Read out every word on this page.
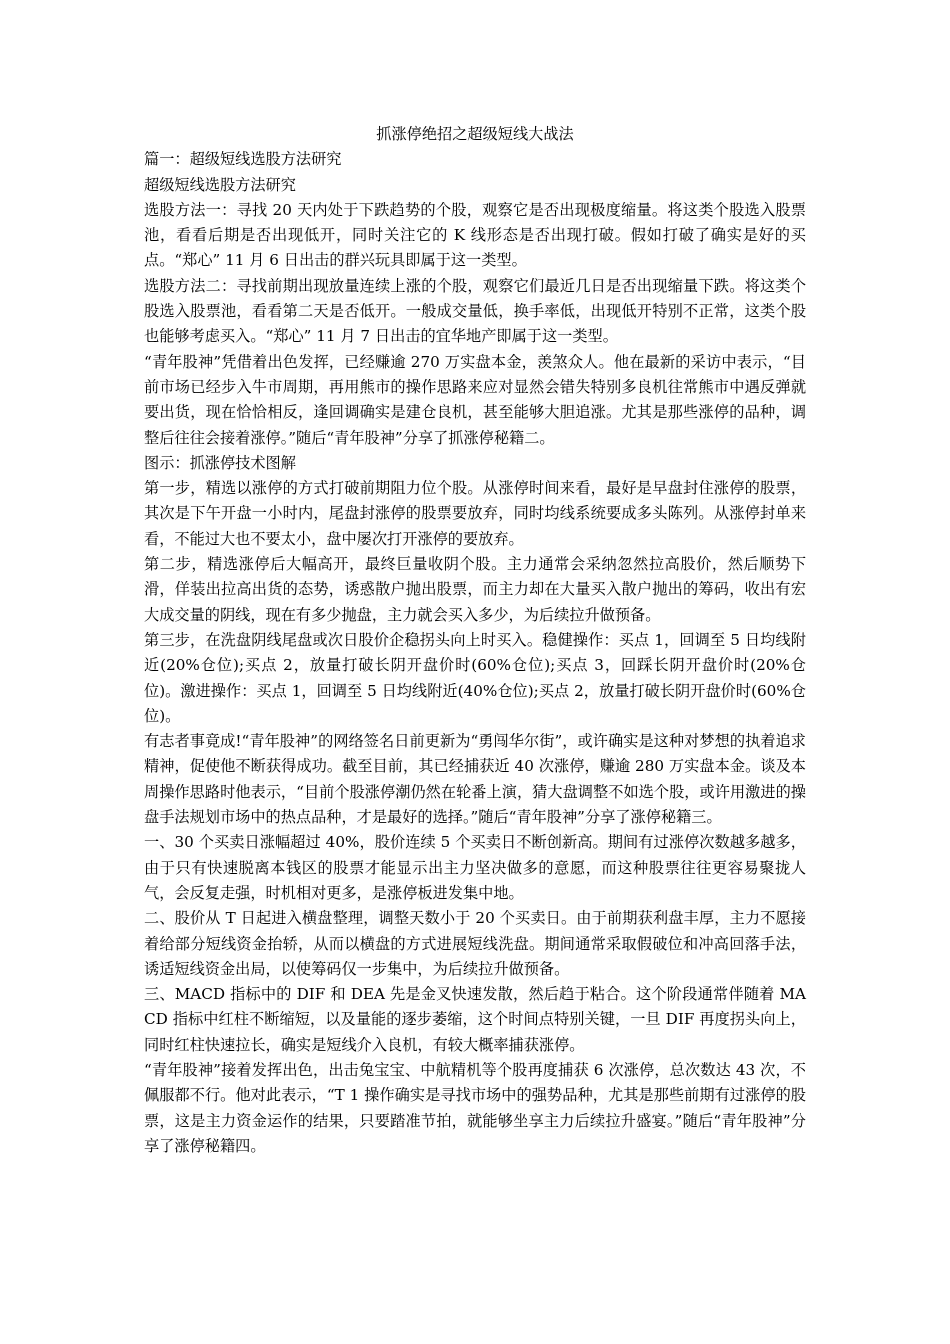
抓涨停绝招之超级短线大战法

篇一：超级短线选股方法研究

超级短线选股方法研究

选股方法一：寻找 20 天内处于下跌趋势的个股，观察它是否出现极度缩量。将这类个股选入股票池，看看后期是否出现低开，同时关注它的 K 线形态是否出现打破。假如打破了确实是好的买点。“郑心” 11 月 6 日出击的群兴玩具即属于这一类型。

选股方法二：寻找前期出现放量连续上涨的个股，观察它们最近几日是否出现缩量下跌。将这类个股选入股票池，看看第二天是否低开。一般成交量低，换手率低，出现低开特别不正常，这类个股也能够考虑买入。“郑心” 11 月 7 日出击的宜华地产即属于这一类型。

“青年股神”凭借着出色发挥，已经赚逾 270 万实盘本金，羡煞众人。他在最新的采访中表示，“目前市场已经步入牛市周期，再用熊市的操作思路来应对显然会错失特别多良机往常熊市中遇反弹就要出货，现在恰恰相反，逢回调确实是建仓良机，甚至能够大胆追涨。尤其是那些涨停的品种，调整后往往会接着涨停。”随后“青年股神”分享了抓涨停秘籍二。

图示：抓涨停技术图解

第一步，精选以涨停的方式打破前期阻力位个股。从涨停时间来看，最好是早盘封住涨停的股票，其次是下午开盘一小时内，尾盘封涨停的股票要放弃，同时均线系统要成多头陈列。从涨停封单来看，不能过大也不要太小，盘中屡次打开涨停的要放弃。

第二步，精选涨停后大幅高开，最终巨量收阴个股。主力通常会采纳忽然拉高股价，然后顺势下滑，佯装出拉高出货的态势，诱惑散户抛出股票，而主力却在大量买入散户抛出的筹码，收出有宏大成交量的阴线，现在有多少抛盘，主力就会买入多少，为后续拉升做预备。

第三步，在洗盘阴线尾盘或次日股价企稳拐头向上时买入。稳健操作：买点 1，回调至 5 日均线附近(20%仓位);买点 2，放量打破长阴开盘价时(60%仓位);买点 3，回踩长阴开盘价时(20%仓位)。激进操作：买点 1，回调至 5 日均线附近(40%仓位);买点 2，放量打破长阴开盘价时(60%仓位)。

有志者事竟成!“青年股神”的网络签名日前更新为“勇闯华尔街”，或许确实是这种对梦想的执着追求精神，促使他不断获得成功。截至目前，其已经捕获近 40 次涨停，赚逾 280 万实盘本金。谈及本周操作思路时他表示，“目前个股涨停潮仍然在轮番上演，猜大盘调整不如选个股，或许用激进的操盘手法规划市场中的热点品种，才是最好的选择。”随后“青年股神”分享了涨停秘籍三。

一、30 个买卖日涨幅超过 40%，股价连续 5 个买卖日不断创新高。期间有过涨停次数越多越多，由于只有快速脱离本钱区的股票才能显示出主力坚决做多的意愿，而这种股票往往更容易聚拢人气，会反复走强，时机相对更多，是涨停板进发集中地。

二、股价从 T 日起进入横盘整理，调整天数小于 20 个买卖日。由于前期获利盘丰厚，主力不愿接着给部分短线资金抬轿，从而以横盘的方式进展短线洗盘。期间通常采取假破位和冲高回落手法，诱适短线资金出局，以使筹码仅一步集中，为后续拉升做预备。

三、MACD 指标中的 DIF 和 DEA 先是金叉快速发散，然后趋于粘合。这个阶段通常伴随着 MACD 指标中红柱不断缩短，以及量能的逐步萎缩，这个时间点特别关键，一旦 DIF 再度拐头向上，同时红柱快速拉长，确实是短线介入良机，有较大概率捕获涨停。

“青年股神”接着发挥出色，出击兔宝宝、中航精机等个股再度捕获 6 次涨停，总次数达 43 次，不佩服都不行。他对此表示，“T 1 操作确实是寻找市场中的强势品种，尤其是那些前期有过涨停的股票，这是主力资金运作的结果，只要踏准节拍，就能够坐享主力后续拉升盛宴。”随后“青年股神”分享了涨停秘籍四。
